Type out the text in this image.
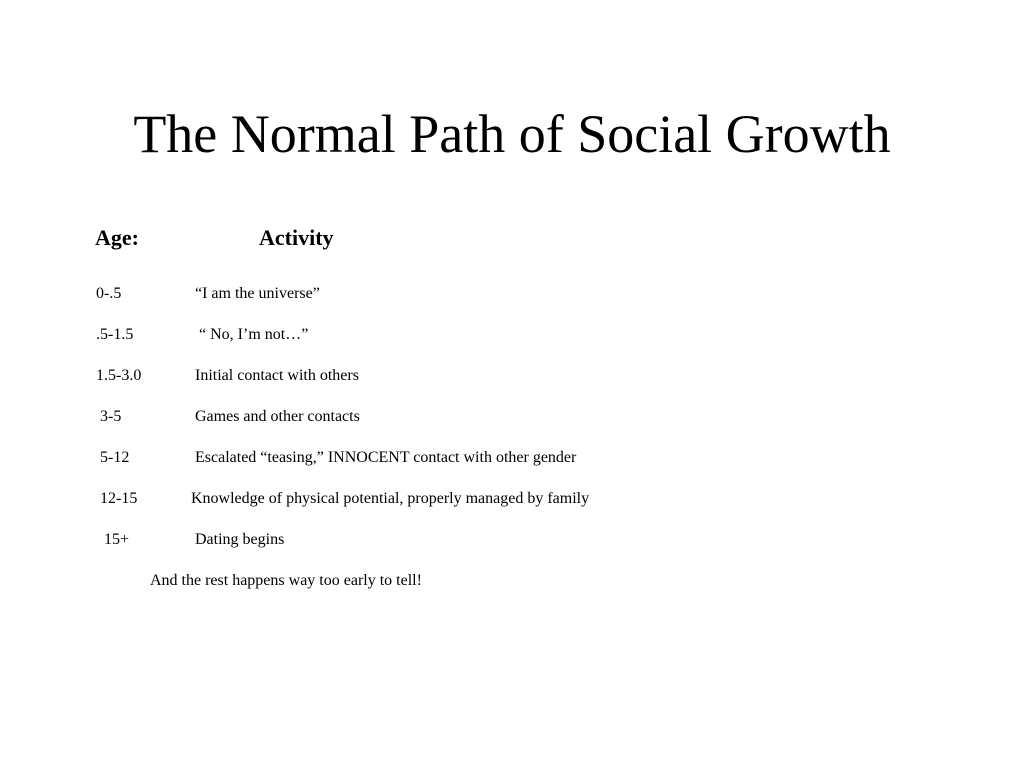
The Normal Path of Social Growth
Age:	Activity
0-.5	“I am the universe”
.5-1.5	“ No, I’m not…”
1.5-3.0	Initial contact with others
3-5	Games and other contacts
5-12	Escalated “teasing,” INNOCENT contact with other gender
12-15	Knowledge of physical potential, properly managed by family
15+	Dating begins
And the rest happens way too early to tell!
